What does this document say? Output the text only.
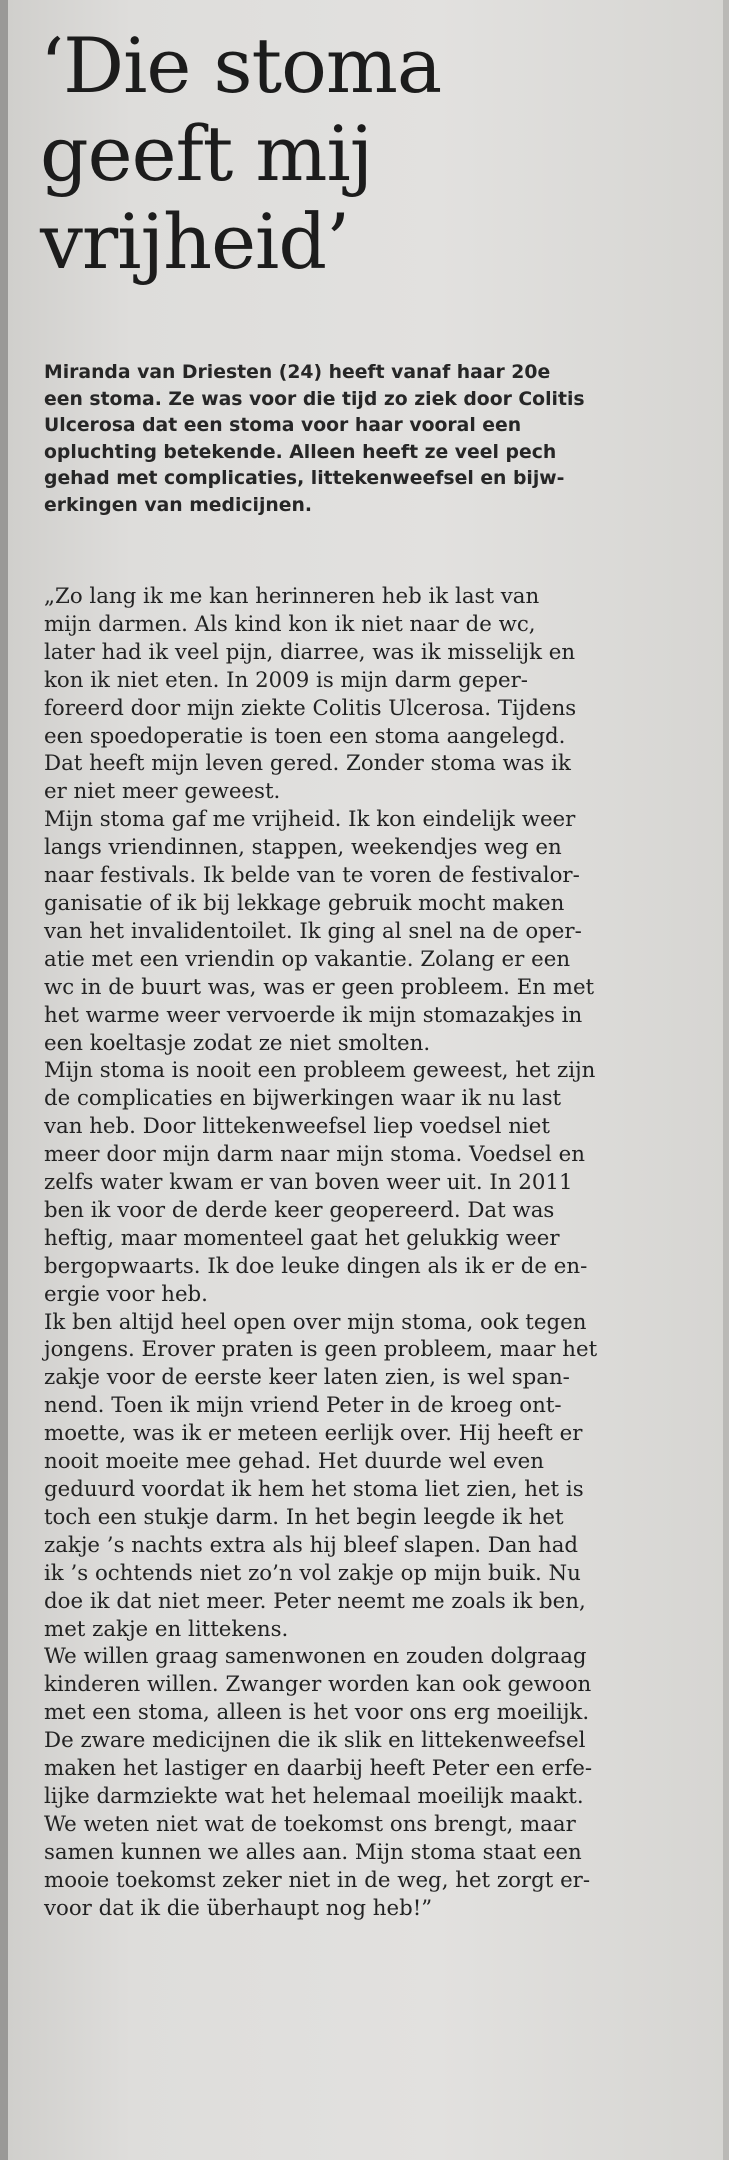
‘Die stoma
geeft mij
vrijheid’
Miranda van Driesten (24) heeft vanaf haar 20e
een stoma. Ze was voor die tijd zo ziek door Colitis
Ulcerosa dat een stoma voor haar vooral een
opluchting betekende. Alleen heeft ze veel pech
gehad met complicaties, littekenweefsel en bijw-
erkingen van medicijnen.
„Zo lang ik me kan herinneren heb ik last van
mijn darmen. Als kind kon ik niet naar de wc,
later had ik veel pijn, diarree, was ik misselijk en
kon ik niet eten. In 2009 is mijn darm geper-
foreerd door mijn ziekte Colitis Ulcerosa. Tijdens
een spoedoperatie is toen een stoma aangelegd.
Dat heeft mijn leven gered. Zonder stoma was ik
er niet meer geweest.
Mijn stoma gaf me vrijheid. Ik kon eindelijk weer
langs vriendinnen, stappen, weekendjes weg en
naar festivals. Ik belde van te voren de festivalor-
ganisatie of ik bij lekkage gebruik mocht maken
van het invalidentoilet. Ik ging al snel na de oper-
atie met een vriendin op vakantie. Zolang er een
wc in de buurt was, was er geen probleem. En met
het warme weer vervoerde ik mijn stomazakjes in
een koeltasje zodat ze niet smolten.
Mijn stoma is nooit een probleem geweest, het zijn
de complicaties en bijwerkingen waar ik nu last
van heb. Door littekenweefsel liep voedsel niet
meer door mijn darm naar mijn stoma. Voedsel en
zelfs water kwam er van boven weer uit. In 2011
ben ik voor de derde keer geopereerd. Dat was
heftig, maar momenteel gaat het gelukkig weer
bergopwaarts. Ik doe leuke dingen als ik er de en-
ergie voor heb.
Ik ben altijd heel open over mijn stoma, ook tegen
jongens. Erover praten is geen probleem, maar het
zakje voor de eerste keer laten zien, is wel span-
nend. Toen ik mijn vriend Peter in de kroeg ont-
moette, was ik er meteen eerlijk over. Hij heeft er
nooit moeite mee gehad. Het duurde wel even
geduurd voordat ik hem het stoma liet zien, het is
toch een stukje darm. In het begin leegde ik het
zakje ’s nachts extra als hij bleef slapen. Dan had
ik ’s ochtends niet zo’n vol zakje op mijn buik. Nu
doe ik dat niet meer. Peter neemt me zoals ik ben,
met zakje en littekens.
We willen graag samenwonen en zouden dolgraag
kinderen willen. Zwanger worden kan ook gewoon
met een stoma, alleen is het voor ons erg moeilijk.
De zware medicijnen die ik slik en littekenweefsel
maken het lastiger en daarbij heeft Peter een erfe-
lijke darmziekte wat het helemaal moeilijk maakt.
We weten niet wat de toekomst ons brengt, maar
samen kunnen we alles aan. Mijn stoma staat een
mooie toekomst zeker niet in de weg, het zorgt er-
voor dat ik die überhaupt nog heb!”
